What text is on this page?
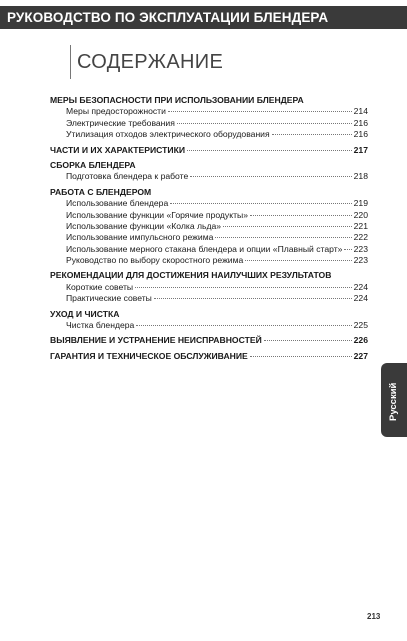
РУКОВОДСТВО ПО ЭКСПЛУАТАЦИИ БЛЕНДЕРА
СОДЕРЖАНИЕ
МЕРЫ БЕЗОПАСНОСТИ ПРИ ИСПОЛЬЗОВАНИИ БЛЕНДЕРА
Меры предосторожности	214
Электрические требования	216
Утилизация отходов электрического оборудования	216
ЧАСТИ И ИХ ХАРАКТЕРИСТИКИ	217
СБОРКА БЛЕНДЕРА
Подготовка блендера к работе	218
РАБОТА С БЛЕНДЕРОМ
Использование блендера	219
Использование функции «Горячие продукты»	220
Использование функции «Колка льда»	221
Использование импульсного режима	222
Использование мерного стакана блендера и опции «Плавный старт» 223
Руководство по выбору скоростного режима	223
РЕКОМЕНДАЦИИ ДЛЯ ДОСТИЖЕНИЯ НАИЛУЧШИХ РЕЗУЛЬТАТОВ
Короткие советы	224
Практические советы	224
УХОД И ЧИСТКА
Чистка блендера	225
ВЫЯВЛЕНИЕ И УСТРАНЕНИЕ НЕИСПРАВНОСТЕЙ	226
ГАРАНТИЯ И ТЕХНИЧЕСКОЕ ОБСЛУЖИВАНИЕ	227
Русский
213
